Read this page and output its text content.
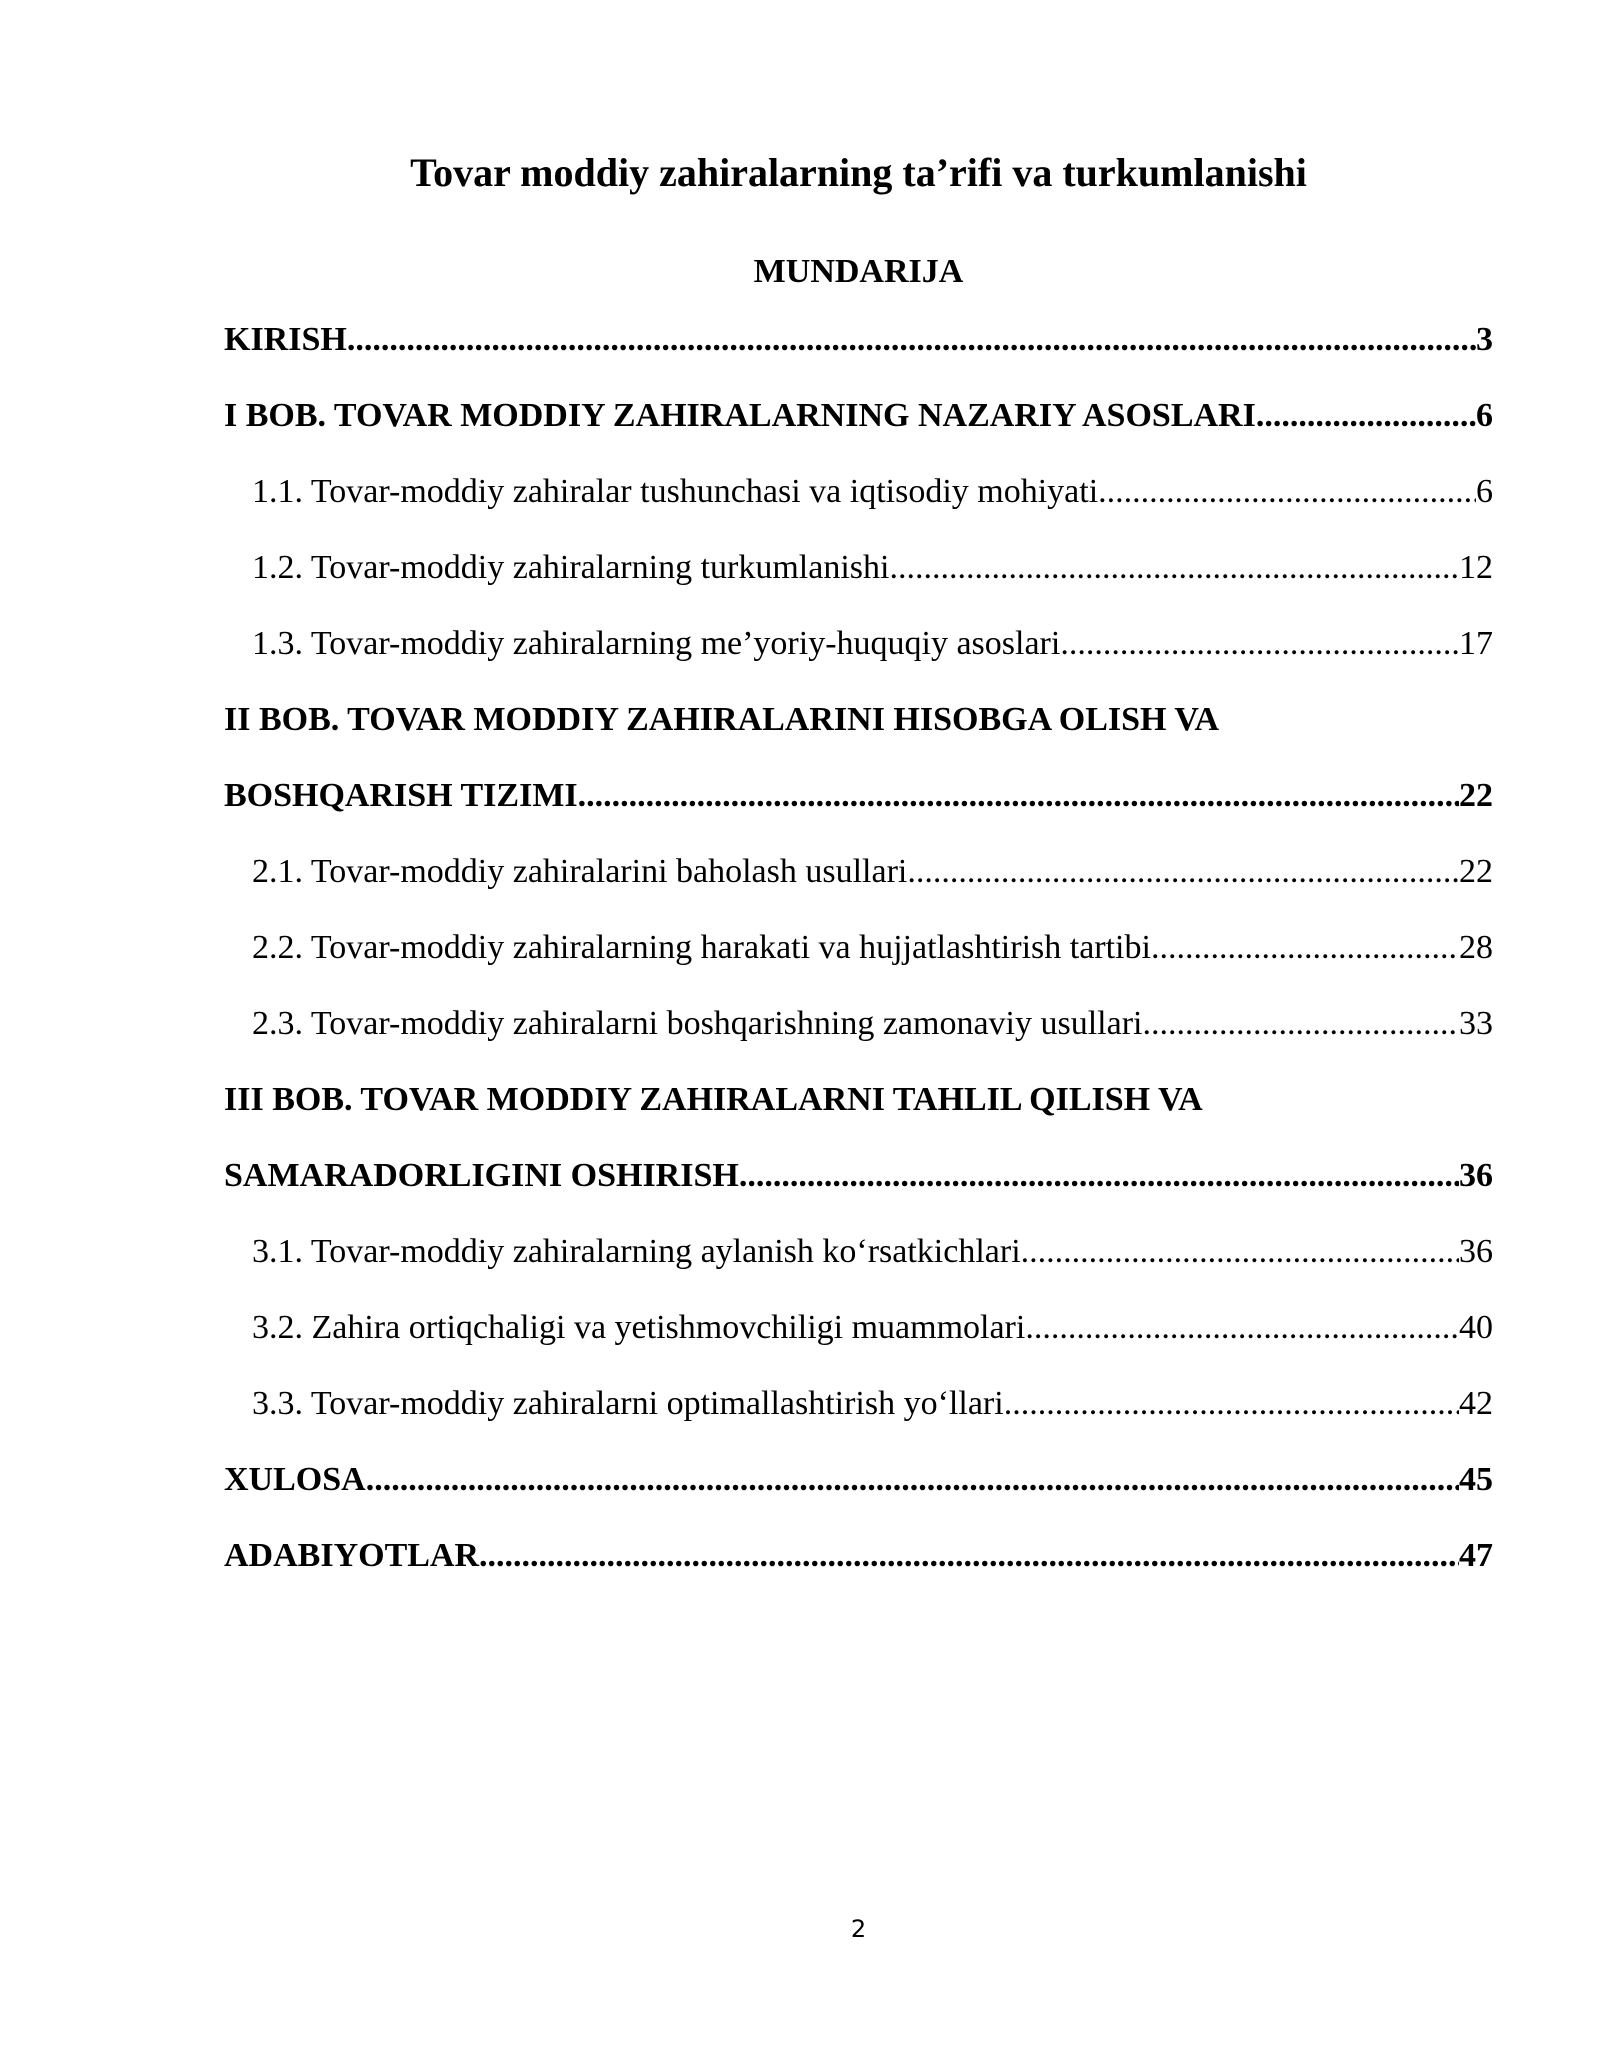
Tovar moddiy zahiralarning ta’rifi va turkumlanishi
MUNDARIJA
KIRISH .....	3
I BOB. TOVAR MODDIY ZAHIRALARNING NAZARIY ASOSLARI .....	6
1.1. Tovar-moddiy zahiralar tushunchasi va iqtisodiy mohiyati .....	6
1.2. Tovar-moddiy zahiralarning turkumlanishi .....	12
1.3. Tovar-moddiy zahiralarning me’yoriy-huquqiy asoslari .....	17
II BOB. TOVAR MODDIY ZAHIRALARINI HISOBGA OLISH VA
BOSHQARISH TIZIMI .....	22
2.1. Tovar-moddiy zahiralarini baholash usullari .....	22
2.2. Tovar-moddiy zahiralarning harakati va hujjatlashtirish tartibi .....	28
2.3. Tovar-moddiy zahiralarni boshqarishning zamonaviy usullari .....	33
III BOB. TOVAR MODDIY ZAHIRALARNI TAHLIL QILISH VA
SAMARADORLIGINI OSHIRISH .....	36
3.1. Tovar-moddiy zahiralarning aylanish ko‘rsatkichlari .....	36
3.2. Zahira ortiqchaligi va yetishmovchiligi muammolari .....	40
3.3. Tovar-moddiy zahiralarni optimallashtirish yo‘llari .....	42
XULOSA .....	45
ADABIYOTLAR .....	47
2
